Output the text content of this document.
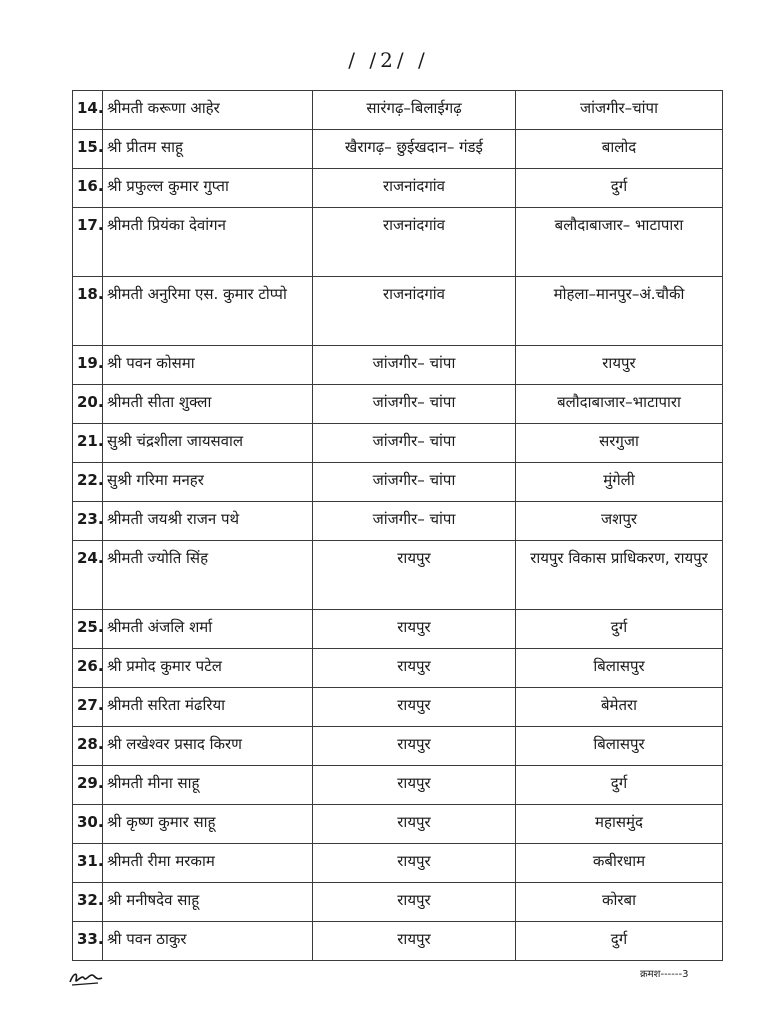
/ /2/ /
14.	श्रीमती करूणा आहेर	सारंगढ़–बिलाईगढ़	जांजगीर–चांपा
15.	श्री प्रीतम साहू	खैरागढ़– छुईखदान– गंडई	बालोद
16.	श्री प्रफुल्ल कुमार गुप्ता	राजनांदगांव	दुर्ग
17.	श्रीमती प्रियंका देवांगन	राजनांदगांव	बलौदाबाजार– भाटापारा
18.	श्रीमती अनुरिमा एस. कुमार टोप्पो	राजनांदगांव	मोहला–मानपुर–अं.चौकी
19.	श्री पवन कोसमा	जांजगीर– चांपा	रायपुर
20.	श्रीमती सीता शुक्ला	जांजगीर– चांपा	बलौदाबाजार–भाटापारा
21.	सुश्री चंद्रशीला जायसवाल	जांजगीर– चांपा	सरगुजा
22.	सुश्री गरिमा मनहर	जांजगीर– चांपा	मुंगेली
23.	श्रीमती जयश्री राजन पथे	जांजगीर– चांपा	जशपुर
24.	श्रीमती ज्योति सिंह	रायपुर	रायपुर विकास प्राधिकरण, रायपुर
25.	श्रीमती अंजलि शर्मा	रायपुर	दुर्ग
26.	श्री प्रमोद कुमार पटेल	रायपुर	बिलासपुर
27.	श्रीमती सरिता मंढरिया	रायपुर	बेमेतरा
28.	श्री लखेश्वर प्रसाद किरण	रायपुर	बिलासपुर
29.	श्रीमती मीना साहू	रायपुर	दुर्ग
30.	श्री कृष्ण कुमार साहू	रायपुर	महासमुंद
31.	श्रीमती रीमा मरकाम	रायपुर	कबीरधाम
32.	श्री मनीषदेव साहू	रायपुर	कोरबा
33.	श्री पवन ठाकुर	रायपुर	दुर्ग
क्रमश------3
